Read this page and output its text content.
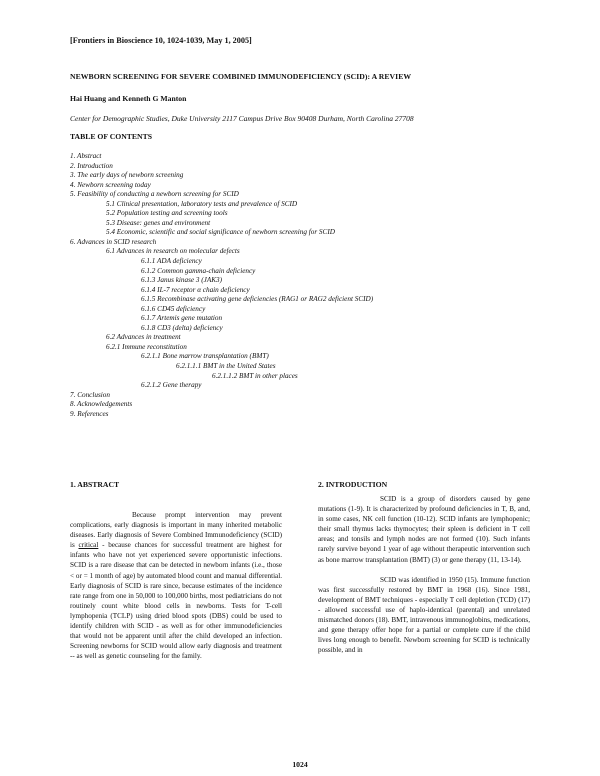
[Frontiers in Bioscience 10, 1024-1039, May 1, 2005]
NEWBORN SCREENING FOR SEVERE COMBINED IMMUNODEFICIENCY (SCID): A REVIEW
Hai Huang and Kenneth G Manton
Center for Demographic Studies, Duke University 2117 Campus Drive Box 90408 Durham, North Carolina 27708
TABLE OF CONTENTS
1. Abstract
2. Introduction
3. The early days of newborn screening
4. Newborn screening today
5. Feasibility of conducting a newborn screening for SCID
5.1 Clinical presentation, laboratory tests and prevalence of SCID
5.2 Population testing and screening tools
5.3 Disease: genes and environment
5.4 Economic, scientific and social significance of newborn screening for SCID
6. Advances in SCID research
6.1 Advances in research on molecular defects
6.1.1 ADA deficiency
6.1.2 Common gamma-chain deficiency
6.1.3 Janus kinase 3 (JAK3)
6.1.4 IL-7 receptor α chain deficiency
6.1.5 Recombinase activating gene deficiencies (RAG1 or RAG2 deficient SCID)
6.1.6 CD45 deficiency
6.1.7 Artemis gene mutation
6.1.8 CD3 (delta) deficiency
6.2 Advances in treatment
6.2.1 Immune reconstitution
6.2.1.1 Bone marrow transplantation (BMT)
6.2.1.1.1 BMT in the United States
6.2.1.1.2 BMT in other places
6.2.1.2 Gene therapy
7. Conclusion
8. Acknowledgements
9. References
1. ABSTRACT

Because prompt intervention may prevent complications, early diagnosis is important in many inherited metabolic diseases. Early diagnosis of Severe Combined Immunodeficiency (SCID) is critical - because chances for successful treatment are highest for infants who have not yet experienced severe opportunistic infections. SCID is a rare disease that can be detected in newborn infants (i.e., those < or = 1 month of age) by automated blood count and manual differential. Early diagnosis of SCID is rare since, because estimates of the incidence rate range from one in 50,000 to 100,000 births, most pediatricians do not routinely count white blood cells in newborns. Tests for T-cell lymphopenia (TCLP) using dried blood spots (DBS) could be used to identify children with SCID - as well as for other immunodeficiencies that would not be apparent until after the child developed an infection. Screening newborns for SCID would allow early diagnosis and treatment -- as well as genetic counseling for the family.

2. INTRODUCTION

SCID is a group of disorders caused by gene mutations (1-9). It is characterized by profound deficiencies in T, B, and, in some cases, NK cell function (10-12). SCID infants are lymphopenic; their small thymus lacks thymocytes; their spleen is deficient in T cell areas; and tonsils and lymph nodes are not formed (10). Such infants rarely survive beyond 1 year of age without therapeutic intervention such as bone marrow transplantation (BMT) (3) or gene therapy (11, 13-14).

SCID was identified in 1950 (15). Immune function was first successfully restored by BMT in 1968 (16). Since 1981, development of BMT techniques - especially T cell depletion (TCD) (17) - allowed successful use of haplo-identical (parental) and unrelated mismatched donors (18). BMT, intravenous immunoglobins, medications, and gene therapy offer hope for a partial or complete cure if the child lives long enough to benefit. Newborn screening for SCID is technically possible, and in

1024
